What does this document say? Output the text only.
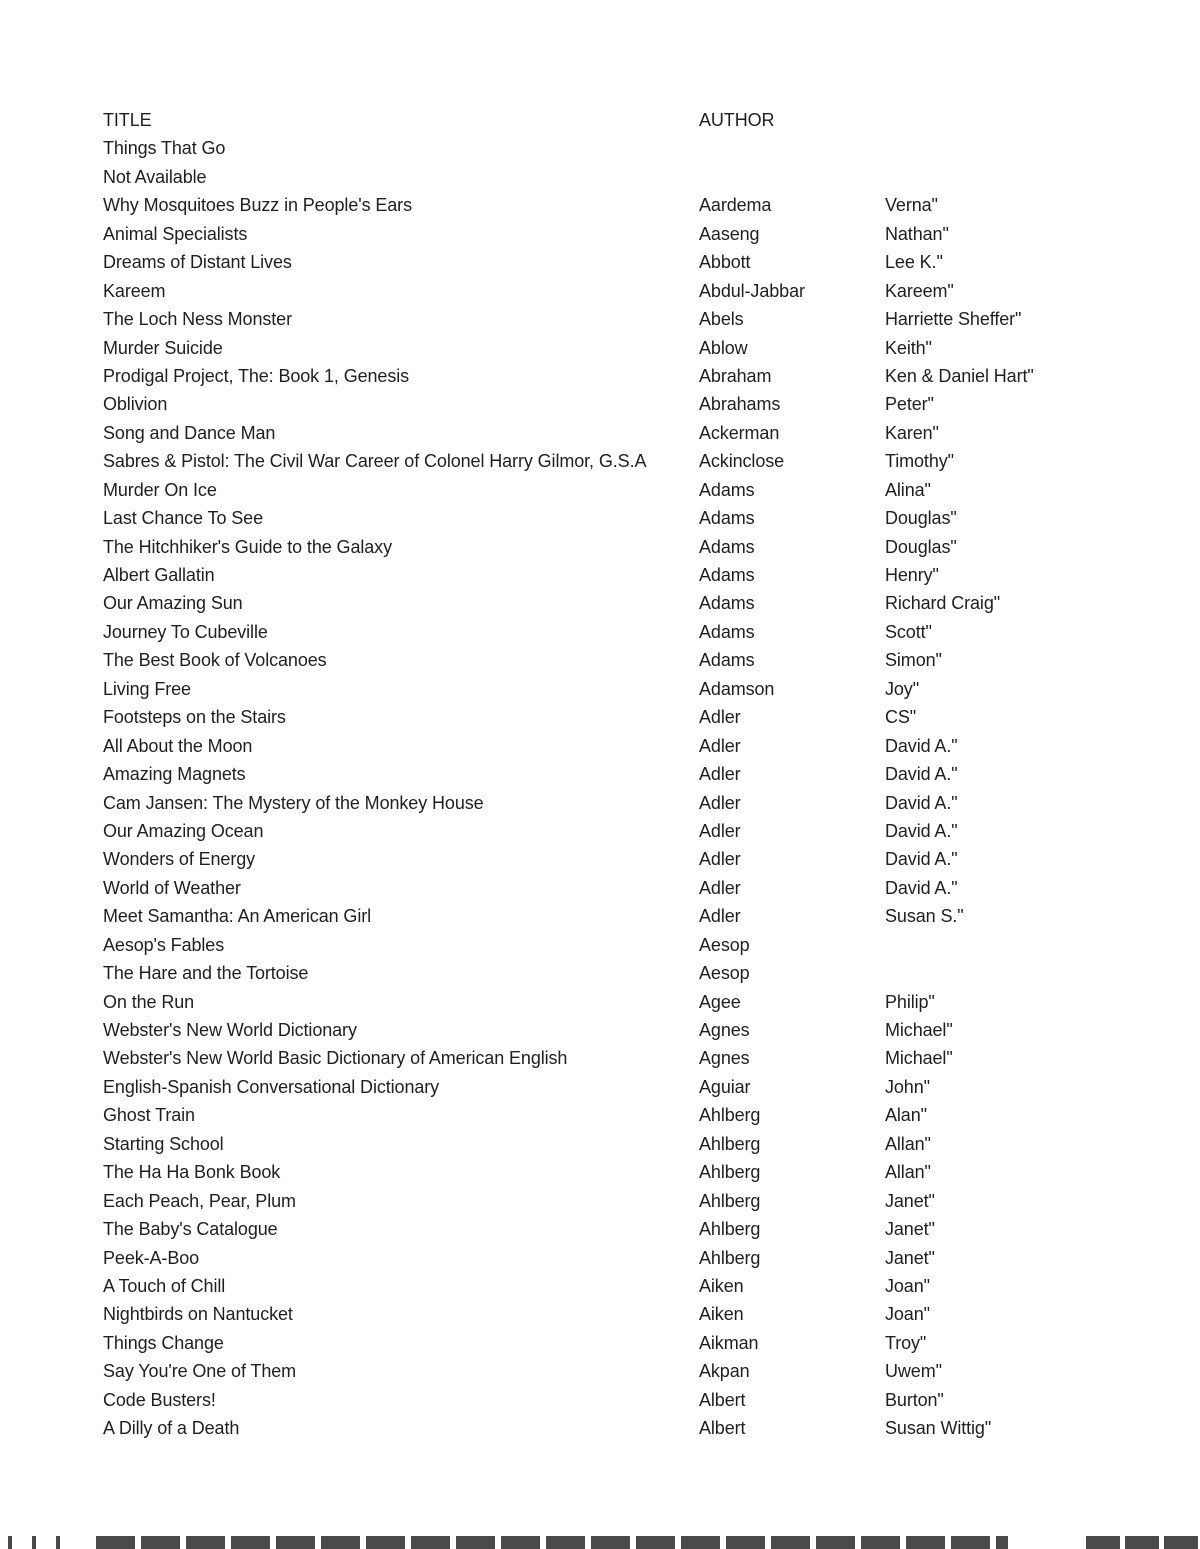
TITLE	AUTHOR
Things That Go
Not Available
Why Mosquitoes Buzz in People's Ears	Aardema	Verna"
Animal Specialists	Aaseng	Nathan"
Dreams of Distant Lives	Abbott	Lee K."
Kareem	Abdul-Jabbar	Kareem"
The Loch Ness Monster	Abels	Harriette Sheffer"
Murder Suicide	Ablow	Keith"
Prodigal Project, The: Book 1, Genesis	Abraham	Ken & Daniel Hart"
Oblivion	Abrahams	Peter"
Song and Dance Man	Ackerman	Karen"
Sabres & Pistol: The Civil War Career of Colonel Harry Gilmor, G.S.A	Ackinclose	Timothy"
Murder On Ice	Adams	Alina"
Last Chance To See	Adams	Douglas"
The Hitchhiker's Guide to the Galaxy	Adams	Douglas"
Albert Gallatin	Adams	Henry"
Our Amazing Sun	Adams	Richard Craig"
Journey To Cubeville	Adams	Scott"
The Best Book of Volcanoes	Adams	Simon"
Living Free	Adamson	Joy"
Footsteps on the Stairs	Adler	CS"
All About the Moon	Adler	David A."
Amazing Magnets	Adler	David A."
Cam Jansen: The Mystery of the Monkey House	Adler	David A."
Our Amazing Ocean	Adler	David A."
Wonders of Energy	Adler	David A."
World of Weather	Adler	David A."
Meet Samantha: An American Girl	Adler	Susan S."
Aesop's Fables	Aesop
The Hare and the Tortoise	Aesop
On the Run	Agee	Philip"
Webster's New World Dictionary	Agnes	Michael"
Webster's New World Basic Dictionary of American English	Agnes	Michael"
English-Spanish Conversational Dictionary	Aguiar	John"
Ghost Train	Ahlberg	Alan"
Starting School	Ahlberg	Allan"
The Ha Ha Bonk Book	Ahlberg	Allan"
Each Peach, Pear, Plum	Ahlberg	Janet"
The Baby's Catalogue	Ahlberg	Janet"
Peek-A-Boo	Ahlberg	Janet"
A Touch of Chill	Aiken	Joan"
Nightbirds on Nantucket	Aiken	Joan"
Things Change	Aikman	Troy"
Say You're One of Them	Akpan	Uwem"
Code Busters!	Albert	Burton"
A Dilly of a Death	Albert	Susan Wittig"
